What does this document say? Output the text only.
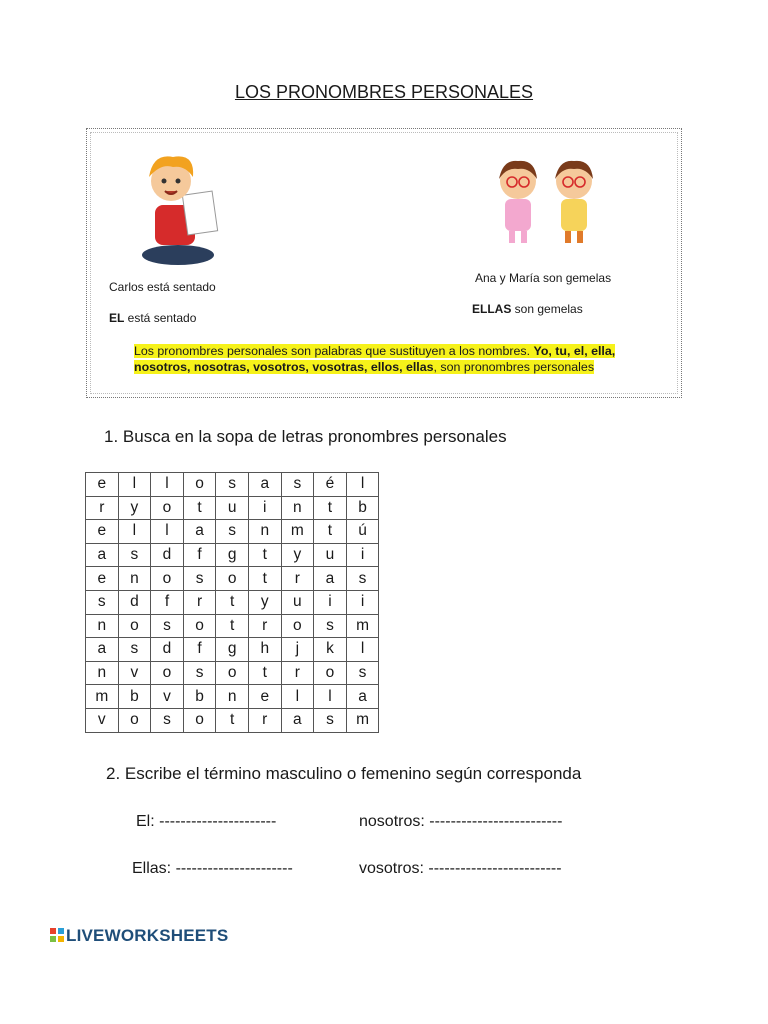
LOS PRONOMBRES PERSONALES
Carlos está sentado
EL está sentado
Ana y María son gemelas
ELLAS son gemelas
Los pronombres personales son palabras que sustituyen a los nombres. Yo, tu, el, ella,
nosotros, nosotras, vosotros, vosotras, ellos, ellas, son pronombres personales
1. Busca en la sopa de letras pronombres personales
e	l	l	o	s	a	s	é	l
r	y	o	t	u	i	n	t	b
e	l	l	a	s	n	m	t	ú
a	s	d	f	g	t	y	u	i
e	n	o	s	o	t	r	a	s
s	d	f	r	t	y	u	i	i
n	o	s	o	t	r	o	s	m
a	s	d	f	g	h	j	k	l
n	v	o	s	o	t	r	o	s
m	b	v	b	n	e	l	l	a
v	o	s	o	t	r	a	s	m
2. Escribe el término masculino o femenino según corresponda
El: ----------------------	nosotros: -------------------------
Ellas: ----------------------	vosotros: -------------------------
LIVEWORKSHEETS
